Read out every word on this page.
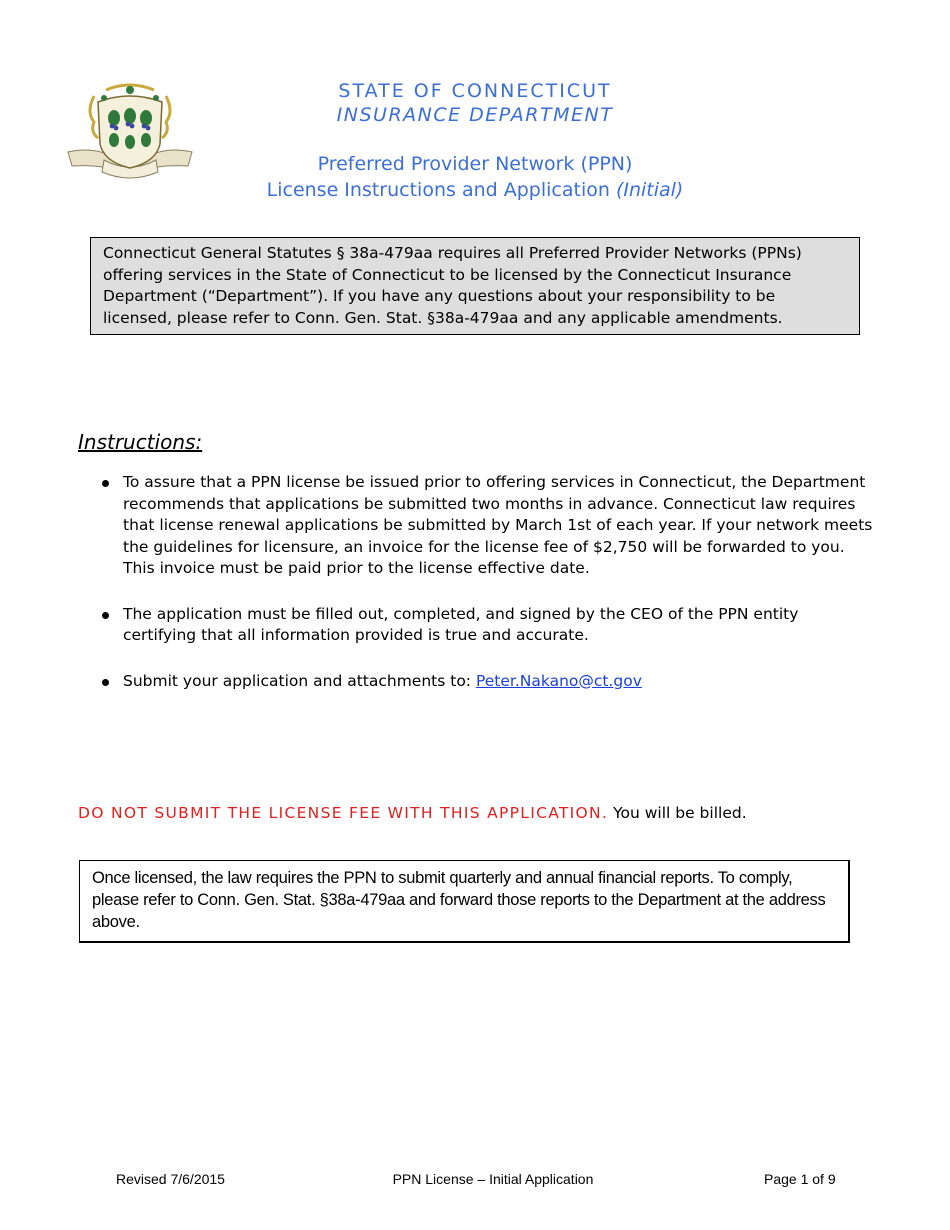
STATE OF CONNECTICUT
INSURANCE DEPARTMENT
Preferred Provider Network (PPN)
License Instructions and Application (Initial)
Connecticut General Statutes § 38a-479aa requires all Preferred Provider Networks (PPNs) offering services in the State of Connecticut to be licensed by the Connecticut Insurance Department (“Department”). If you have any questions about your responsibility to be licensed, please refer to Conn. Gen. Stat. §38a-479aa and any applicable amendments.
Instructions:
To assure that a PPN license be issued prior to offering services in Connecticut, the Department recommends that applications be submitted two months in advance. Connecticut law requires that license renewal applications be submitted by March 1st of each year. If your network meets the guidelines for licensure, an invoice for the license fee of $2,750 will be forwarded to you. This invoice must be paid prior to the license effective date.
The application must be filled out, completed, and signed by the CEO of the PPN entity certifying that all information provided is true and accurate.
Submit your application and attachments to: Peter.Nakano@ct.gov
DO NOT SUBMIT THE LICENSE FEE WITH THIS APPLICATION. You will be billed.
Once licensed, the law requires the PPN to submit quarterly and annual financial reports. To comply, please refer to Conn. Gen. Stat. §38a-479aa and forward those reports to the Department at the address above.
Revised 7/6/2015	PPN License – Initial Application	Page 1 of 9
